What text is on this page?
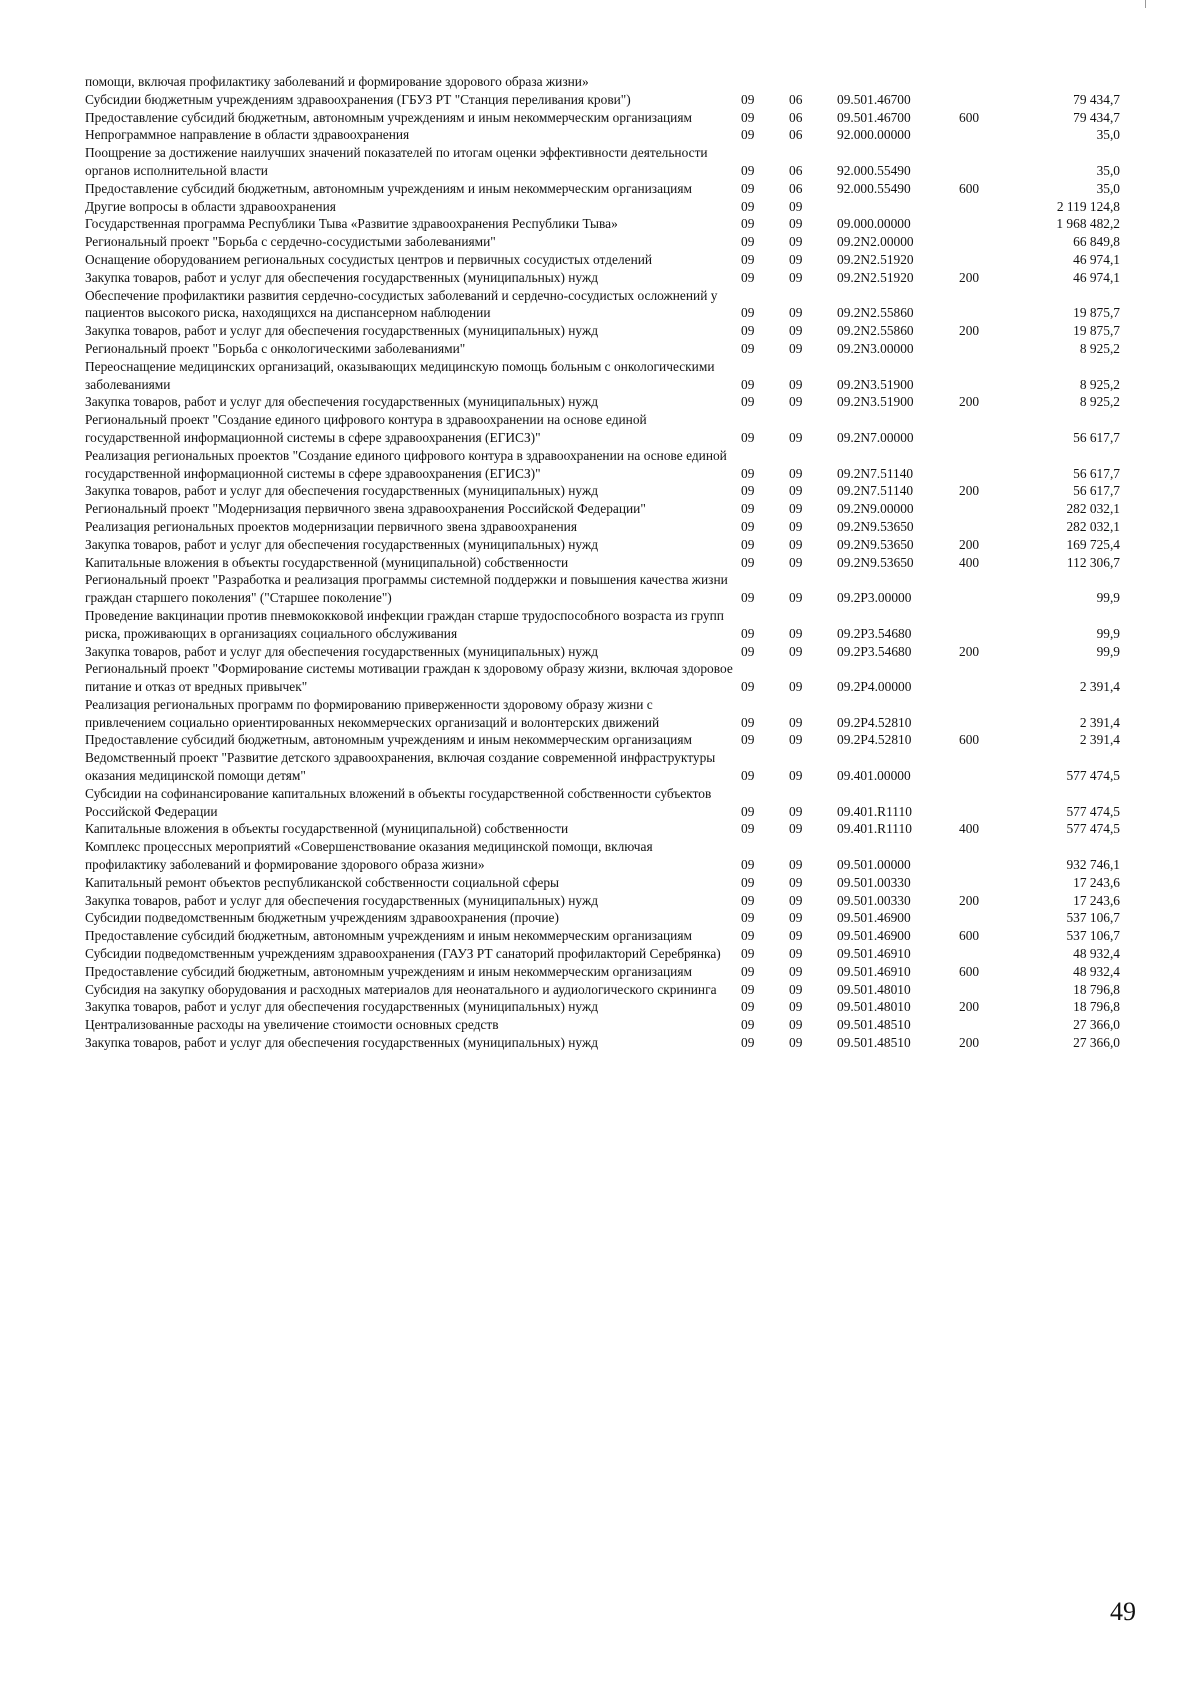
помощи, включая профилактику заболеваний и формирование здорового образа жизни»					
Субсидии бюджетным учреждениям здравоохранения (ГБУЗ РТ "Станция переливания крови")	09	06	09.501.46700		79 434,7
Предоставление субсидий бюджетным, автономным учреждениям и иным некоммерческим организациям	09	06	09.501.46700	600	79 434,7
Непрограммное направление в области здравоохранения	09	06	92.000.00000		35,0
Поощрение за достижение наилучших значений показателей по итогам оценки эффективности деятельности органов исполнительной власти	09	06	92.000.55490		35,0
Предоставление субсидий бюджетным, автономным учреждениям и иным некоммерческим организациям	09	06	92.000.55490	600	35,0
Другие вопросы в области здравоохранения	09	09			2 119 124,8
Государственная программа Республики Тыва «Развитие здравоохранения Республики Тыва»	09	09	09.000.00000		1 968 482,2
Региональный проект "Борьба с сердечно-сосудистыми заболеваниями"	09	09	09.2N2.00000		66 849,8
Оснащение оборудованием региональных сосудистых центров и первичных сосудистых отделений	09	09	09.2N2.51920		46 974,1
Закупка товаров, работ и услуг для обеспечения государственных (муниципальных) нужд	09	09	09.2N2.51920	200	46 974,1
Обеспечение профилактики развития сердечно-сосудистых заболеваний и сердечно-сосудистых осложнений у пациентов высокого риска, находящихся на диспансерном наблюдении	09	09	09.2N2.55860		19 875,7
Закупка товаров, работ и услуг для обеспечения государственных (муниципальных) нужд	09	09	09.2N2.55860	200	19 875,7
Региональный проект "Борьба с онкологическими заболеваниями"	09	09	09.2N3.00000		8 925,2
Переоснащение медицинских организаций, оказывающих медицинскую помощь больным с онкологическими заболеваниями	09	09	09.2N3.51900		8 925,2
Закупка товаров, работ и услуг для обеспечения государственных (муниципальных) нужд	09	09	09.2N3.51900	200	8 925,2
Региональный проект "Создание единого цифрового контура в здравоохранении на основе единой государственной информационной системы в сфере здравоохранения (ЕГИСЗ)"	09	09	09.2N7.00000		56 617,7
Реализация региональных проектов "Создание единого цифрового контура в здравоохранении на основе единой государственной информационной системы в сфере здравоохранения (ЕГИСЗ)"	09	09	09.2N7.51140		56 617,7
Закупка товаров, работ и услуг для обеспечения государственных (муниципальных) нужд	09	09	09.2N7.51140	200	56 617,7
Региональный проект "Модернизация первичного звена здравоохранения Российской Федерации"	09	09	09.2N9.00000		282 032,1
Реализация региональных проектов модернизации первичного звена здравоохранения	09	09	09.2N9.53650		282 032,1
Закупка товаров, работ и услуг для обеспечения государственных (муниципальных) нужд	09	09	09.2N9.53650	200	169 725,4
Капитальные вложения в объекты государственной (муниципальной) собственности	09	09	09.2N9.53650	400	112 306,7
Региональный проект "Разработка и реализация программы системной поддержки и повышения качества жизни граждан старшего поколения" ("Старшее поколение")	09	09	09.2P3.00000		99,9
Проведение вакцинации против пневмококковой инфекции граждан старше трудоспособного возраста из групп риска, проживающих в организациях социального обслуживания	09	09	09.2P3.54680		99,9
Закупка товаров, работ и услуг для обеспечения государственных (муниципальных) нужд	09	09	09.2P3.54680	200	99,9
Региональный проект "Формирование системы мотивации граждан к здоровому образу жизни, включая здоровое питание и отказ от вредных привычек"	09	09	09.2P4.00000		2 391,4
Реализация региональных программ по формированию приверженности здоровому образу жизни с привлечением социально ориентированных некоммерческих организаций и волонтерских движений	09	09	09.2P4.52810		2 391,4
Предоставление субсидий бюджетным, автономным учреждениям и иным некоммерческим организациям	09	09	09.2P4.52810	600	2 391,4
Ведомственный проект "Развитие детского здравоохранения, включая создание современной инфраструктуры оказания медицинской помощи детям"	09	09	09.401.00000		577 474,5
Субсидии на софинансирование капитальных вложений в объекты государственной собственности субъектов Российской Федерации	09	09	09.401.R1110		577 474,5
Капитальные вложения в объекты государственной (муниципальной) собственности	09	09	09.401.R1110	400	577 474,5
Комплекс процессных мероприятий «Совершенствование оказания медицинской помощи, включая профилактику заболеваний и формирование здорового образа жизни»	09	09	09.501.00000		932 746,1
Капитальный ремонт объектов республиканской собственности социальной сферы	09	09	09.501.00330		17 243,6
Закупка товаров, работ и услуг для обеспечения государственных (муниципальных) нужд	09	09	09.501.00330	200	17 243,6
Субсидии подведомственным бюджетным учреждениям здравоохранения (прочие)	09	09	09.501.46900		537 106,7
Предоставление субсидий бюджетным, автономным учреждениям и иным некоммерческим организациям	09	09	09.501.46900	600	537 106,7
Субсидии подведомственным учреждениям здравоохранения (ГАУЗ РТ санаторий профилакторий Серебрянка)	09	09	09.501.46910		48 932,4
Предоставление субсидий бюджетным, автономным учреждениям и иным некоммерческим организациям	09	09	09.501.46910	600	48 932,4
Субсидия на закупку оборудования и расходных материалов для неонатального и аудиологического скрининга	09	09	09.501.48010		18 796,8
Закупка товаров, работ и услуг для обеспечения государственных (муниципальных) нужд	09	09	09.501.48010	200	18 796,8
Централизованные расходы на увеличение стоимости основных средств	09	09	09.501.48510		27 366,0
Закупка товаров, работ и услуг для обеспечения государственных (муниципальных) нужд	09	09	09.501.48510	200	27 366,0
49
